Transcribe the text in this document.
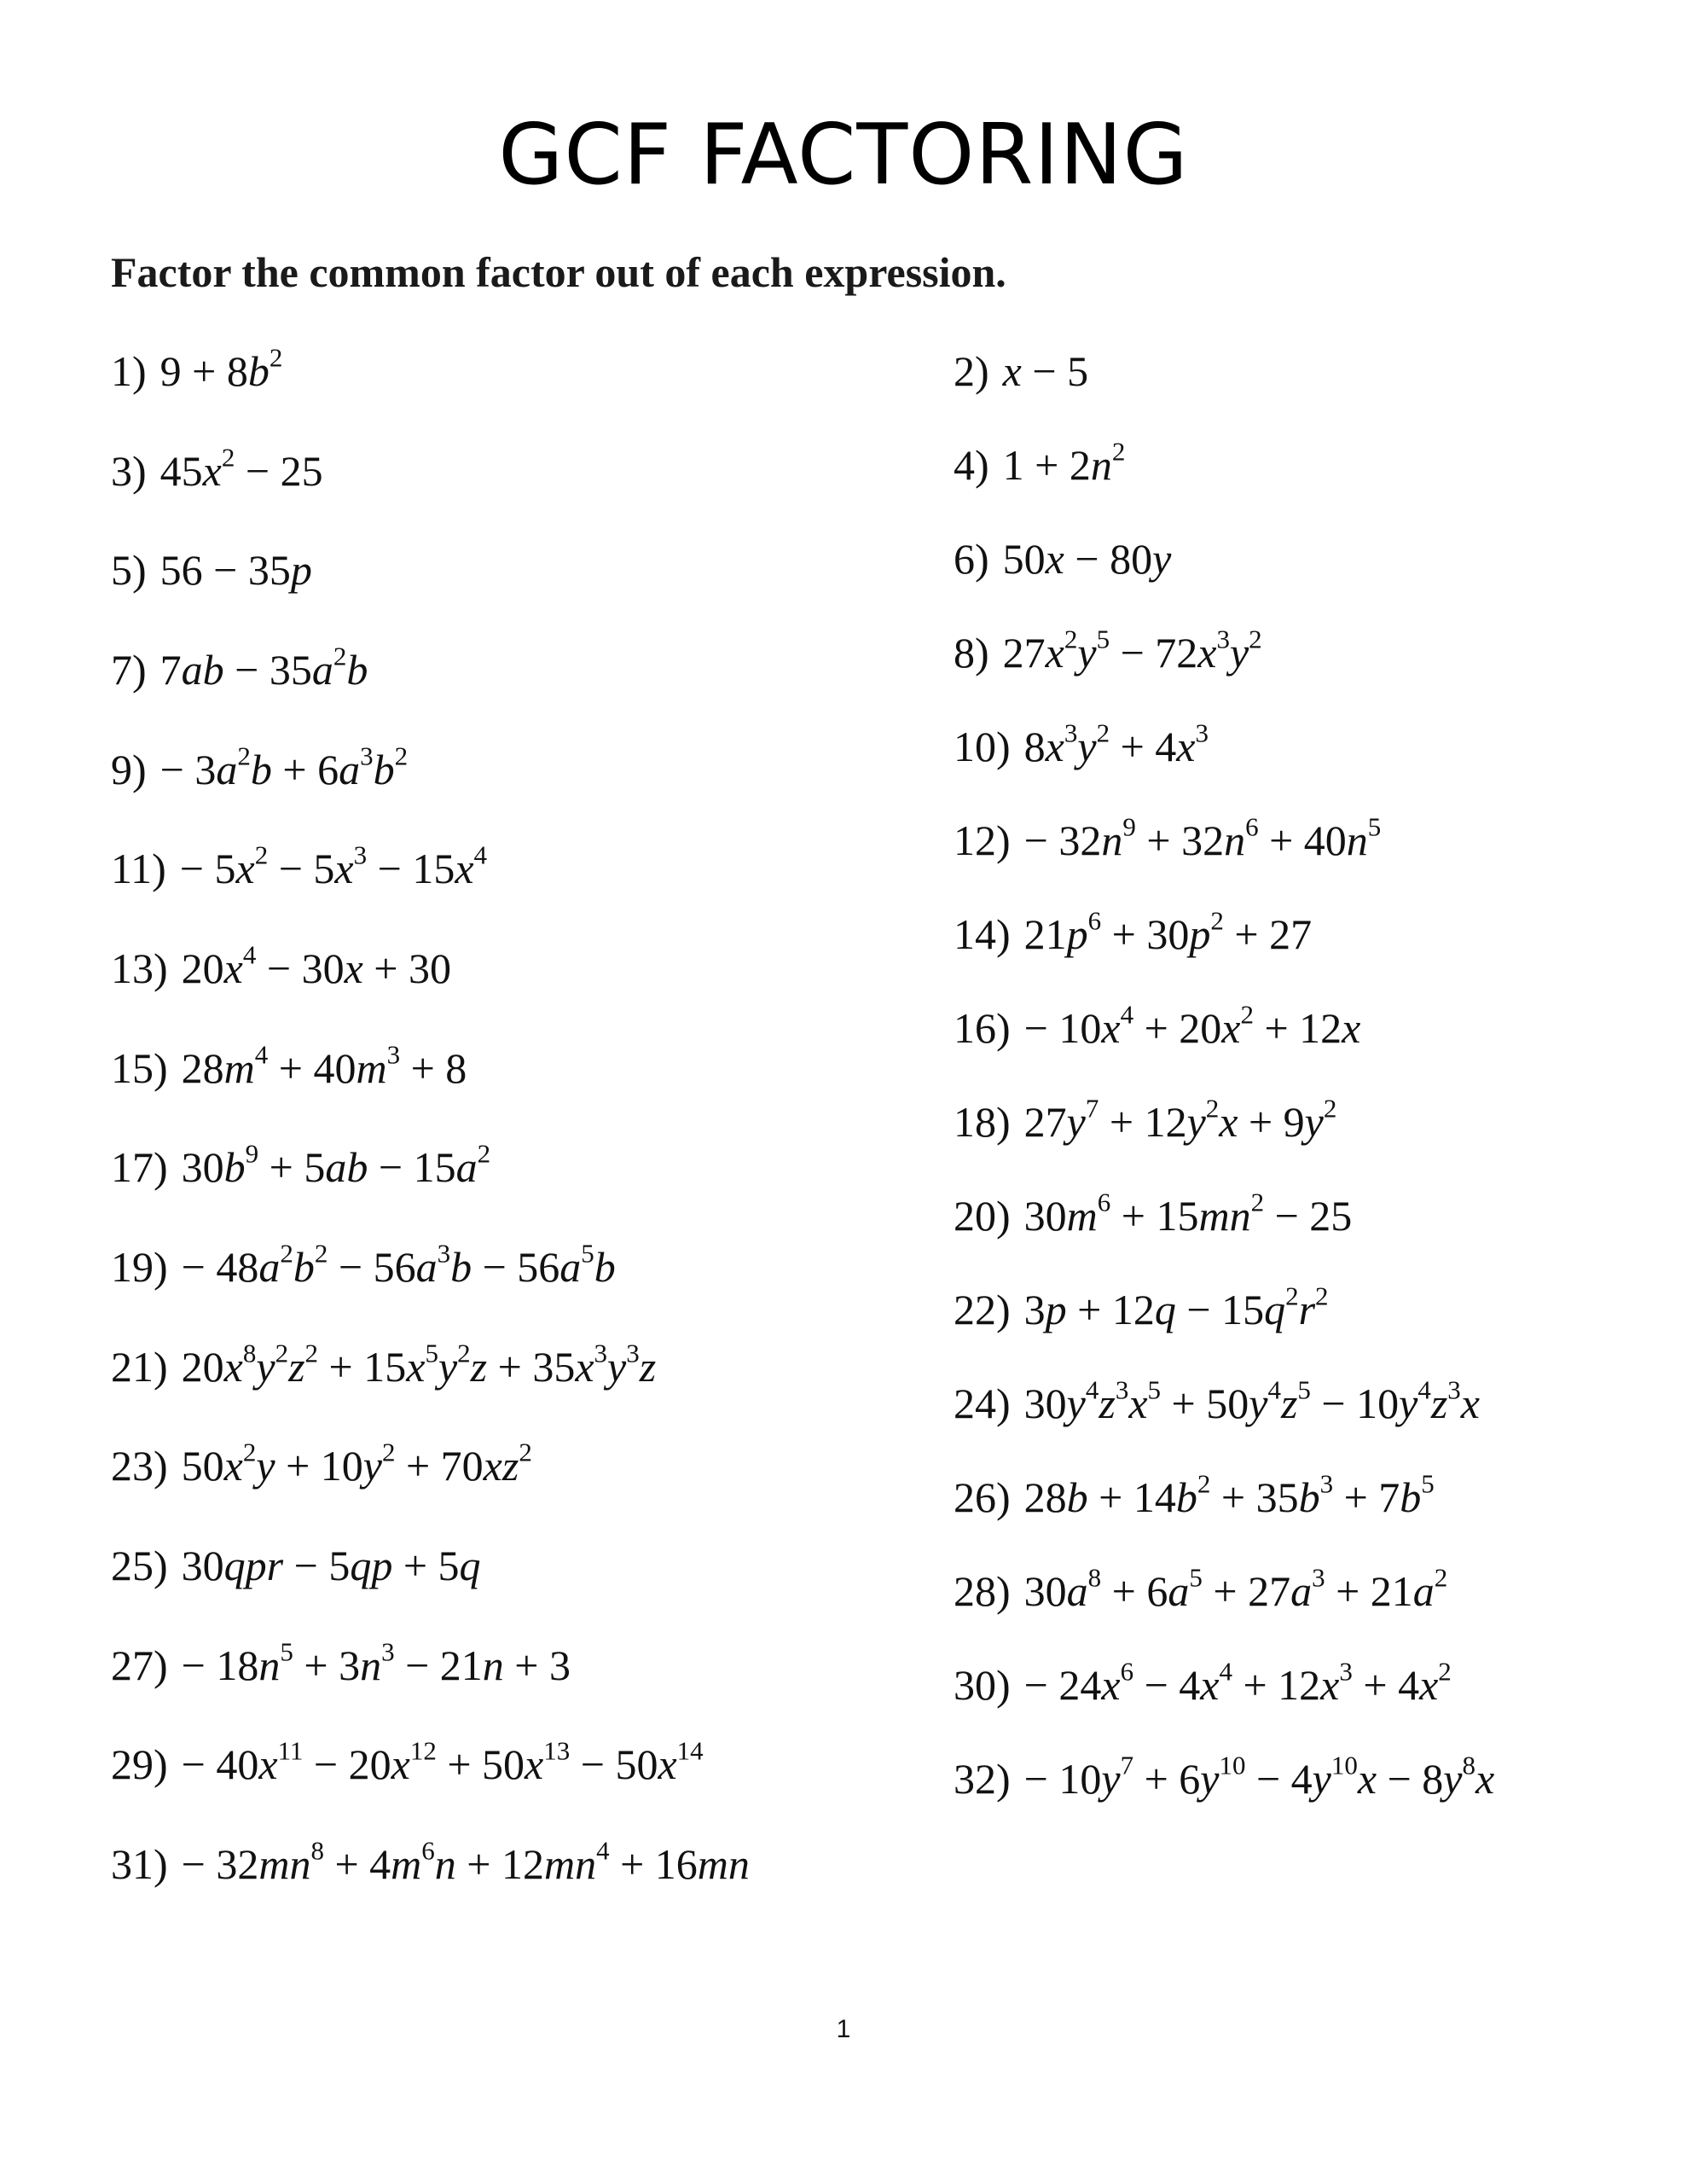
GCF FACTORING
Factor the common factor out of each expression.
1) $9 + 8b^2$
3) $45x^2 - 25$
5) 56 − 35p
7) $7ab - 35a^2b$
$9) - 3a^2b + 6a^3b^2$
$11) - 5x^2 - 5x^3 - 15x^4$
13) $20x^4 - 30x + 30$
15) $28m^4 + 40m^3 + 8$
17) $30b^9 + 5ab - 15a^2$
$19) - 48a^2b^2 - 56a^3b - 56a^5b$
21) $20x^8y^2z^2 + 15x^5y^2z + 35x^3y^3z$
23) $50x^2y + 10y^2 + 70xz^2$
25) 30qpr − 5qp + 5q
$27) - 18n^5 + 3n^3 - 21n + 3$
$29) - 40x^{11} - 20x^{12} + 50x^{13} - 50x^{14}$
$31) - 32mn^8 + 4m^6n + 12mn^4 + 16mn$
2) x − 5
4) $1 + 2n^2$
6) 50x − 80y
8) $27x^2y^5 - 72x^3y^2$
10) $8x^3y^2 + 4x^3$
$12) - 32n^9 + 32n^6 + 40n^5$
14) $21p^6 + 30p^2 + 27$
$16) - 10x^4 + 20x^2 + 12x$
18) $27y^7 + 12y^2x + 9y^2$
20) $30m^6 + 15mn^2 - 25$
22) $3p + 12q - 15q^2r^2$
24) $30y^4z^3x^5 + 50y^4z^5 - 10y^4z^3x$
26) $28b + 14b^2 + 35b^3 + 7b^5$
28) $30a^8 + 6a^5 + 27a^3 + 21a^2$
$30) - 24x^6 - 4x^4 + 12x^3 + 4x^2$
$32) - 10y^7 + 6y^{10} - 4y^{10}x - 8y^8x$
1
